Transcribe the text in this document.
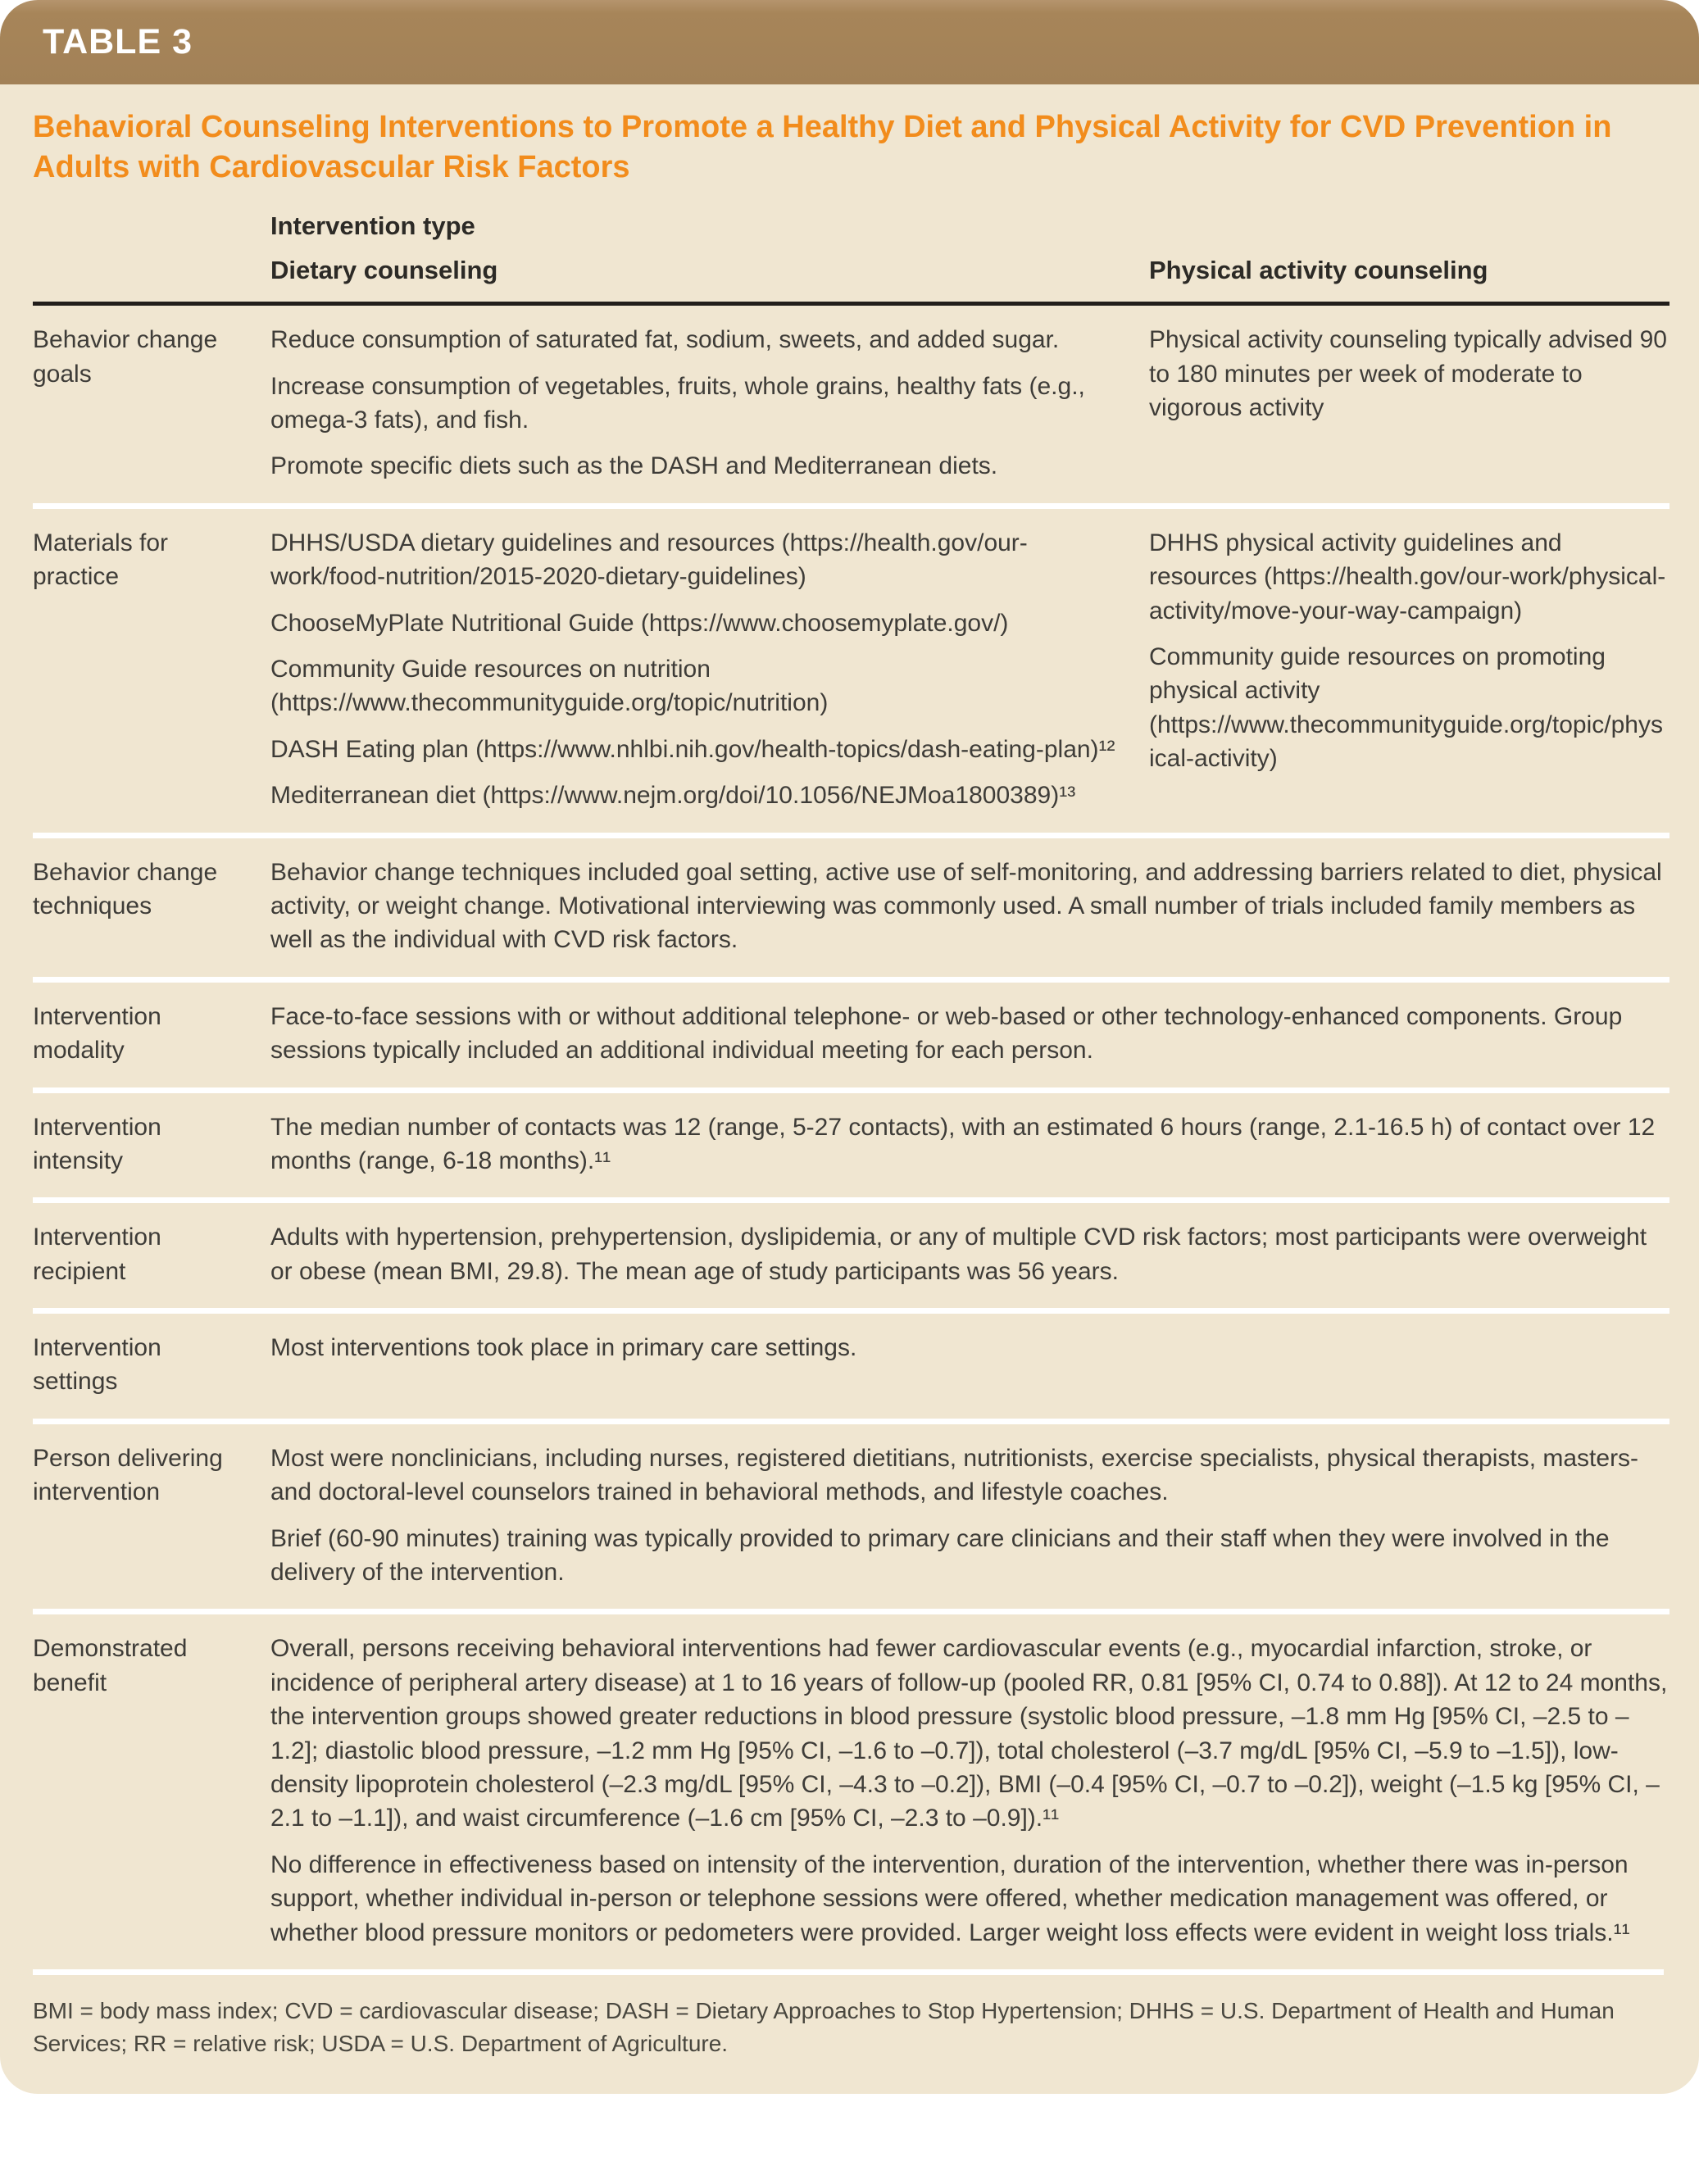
TABLE 3
Behavioral Counseling Interventions to Promote a Healthy Diet and Physical Activity for CVD Prevention in Adults with Cardiovascular Risk Factors
Intervention type
Dietary counseling	Physical activity counseling
Behavior change goals

Reduce consumption of saturated fat, sodium, sweets, and added sugar.

Increase consumption of vegetables, fruits, whole grains, healthy fats (e.g., omega-3 fats), and fish.

Promote specific diets such as the DASH and Mediterranean diets.

Physical activity counseling typically advised 90 to 180 minutes per week of moderate to vigorous activity

Materials for practice

DHHS/USDA dietary guidelines and resources (https://health.gov/our-work/food-nutrition/2015-2020-dietary-guidelines)

ChooseMyPlate Nutritional Guide (https://www.choosemyplate.gov/)

Community Guide resources on nutrition (https://www.thecommunityguide.org/topic/nutrition)

DASH Eating plan (https://www.nhlbi.nih.gov/health-topics/dash-eating-plan)¹²

Mediterranean diet (https://www.nejm.org/doi/10.1056/NEJMoa1800389)¹³

DHHS physical activity guidelines and resources (https://health.gov/our-work/physical-activity/move-your-way-campaign)

Community guide resources on promoting physical activity (https://www.thecommunityguide.org/topic/physical-activity)

Behavior change techniques

Behavior change techniques included goal setting, active use of self-monitoring, and addressing barriers related to diet, physical activity, or weight change. Motivational interviewing was commonly used. A small number of trials included family members as well as the individual with CVD risk factors.

Intervention modality

Face-to-face sessions with or without additional telephone- or web-based or other technology-enhanced components. Group sessions typically included an additional individual meeting for each person.

Intervention intensity

The median number of contacts was 12 (range, 5-27 contacts), with an estimated 6 hours (range, 2.1-16.5 h) of contact over 12 months (range, 6-18 months).¹¹

Intervention recipient

Adults with hypertension, prehypertension, dyslipidemia, or any of multiple CVD risk factors; most participants were overweight or obese (mean BMI, 29.8). The mean age of study participants was 56 years.

Intervention settings

Most interventions took place in primary care settings.

Person delivering intervention

Most were nonclinicians, including nurses, registered dietitians, nutritionists, exercise specialists, physical therapists, masters- and doctoral-level counselors trained in behavioral methods, and lifestyle coaches.

Brief (60-90 minutes) training was typically provided to primary care clinicians and their staff when they were involved in the delivery of the intervention.

Demonstrated benefit

Overall, persons receiving behavioral interventions had fewer cardiovascular events (e.g., myocardial infarction, stroke, or incidence of peripheral artery disease) at 1 to 16 years of follow-up (pooled RR, 0.81 [95% CI, 0.74 to 0.88]). At 12 to 24 months, the intervention groups showed greater reductions in blood pressure (systolic blood pressure, –1.8 mm Hg [95% CI, –2.5 to –1.2]; diastolic blood pressure, –1.2 mm Hg [95% CI, –1.6 to –0.7]), total cholesterol (–3.7 mg/dL [95% CI, –5.9 to –1.5]), low-density lipoprotein cholesterol (–2.3 mg/dL [95% CI, –4.3 to –0.2]), BMI (–0.4 [95% CI, –0.7 to –0.2]), weight (–1.5 kg [95% CI, –2.1 to –1.1]), and waist circumference (–1.6 cm [95% CI, –2.3 to –0.9]).¹¹

No difference in effectiveness based on intensity of the intervention, duration of the intervention, whether there was in-person support, whether individual in-person or telephone sessions were offered, whether medication management was offered, or whether blood pressure monitors or pedometers were provided. Larger weight loss effects were evident in weight loss trials.¹¹

BMI = body mass index; CVD = cardiovascular disease; DASH = Dietary Approaches to Stop Hypertension; DHHS = U.S. Department of Health and Human Services; RR = relative risk; USDA = U.S. Department of Agriculture.
